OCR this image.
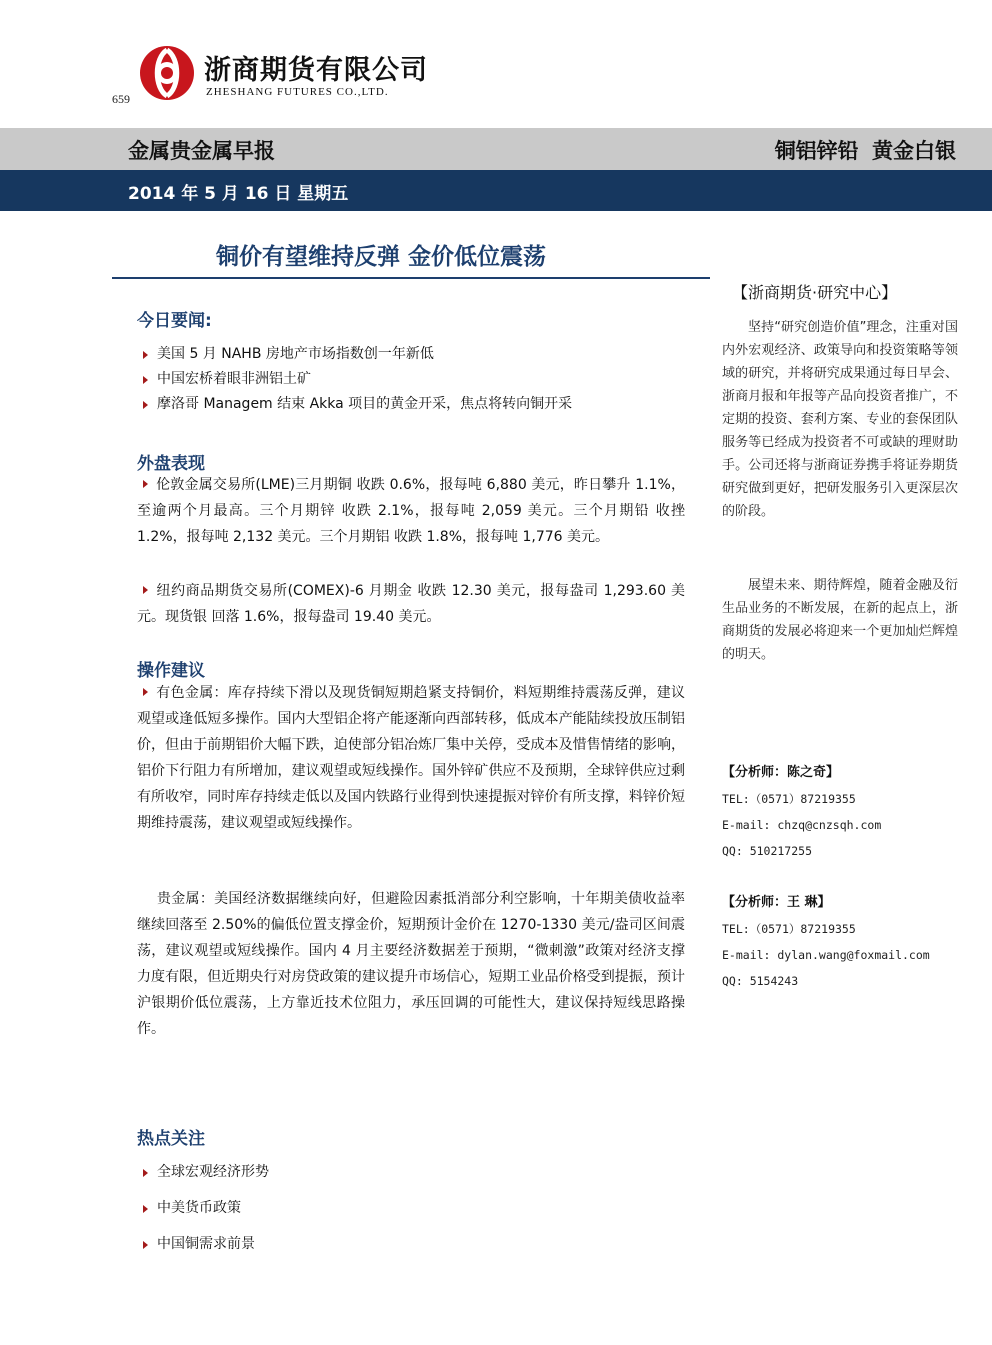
浙商期货有限公司
ZHESHANG FUTURES CO.,LTD.
659
金属贵金属早报	铜铝锌铅 黄金白银
2014 年 5 月 16 日 星期五
铜价有望维持反弹 金价低位震荡
今日要闻:
美国 5 月 NAHB 房地产市场指数创一年新低
中国宏桥着眼非洲铝土矿
摩洛哥 Managem 结束 Akka 项目的黄金开采，焦点将转向铜开采
外盘表现
伦敦金属交易所(LME)三月期铜 收跌 0.6%，报每吨 6,880 美元，昨日攀升 1.1%，至逾两个月最高。三个月期锌 收跌 2.1%，报每吨 2,059 美元。三个月期铅 收挫 1.2%，报每吨 2,132 美元。三个月期铝 收跌 1.8%，报每吨 1,776 美元。
纽约商品期货交易所(COMEX)-6 月期金 收跌 12.30 美元，报每盎司 1,293.60 美元。现货银 回落 1.6%，报每盎司 19.40 美元。
操作建议
有色金属：库存持续下滑以及现货铜短期趋紧支持铜价，料短期维持震荡反弹，建议观望或逢低短多操作。国内大型铝企将产能逐渐向西部转移，低成本产能陆续投放压制铝价，但由于前期铝价大幅下跌，迫使部分铝冶炼厂集中关停，受成本及惜售情绪的影响，铝价下行阻力有所增加，建议观望或短线操作。国外锌矿供应不及预期，全球锌供应过剩有所收窄，同时库存持续走低以及国内铁路行业得到快速提振对锌价有所支撑，料锌价短期维持震荡，建议观望或短线操作。
贵金属：美国经济数据继续向好，但避险因素抵消部分利空影响，十年期美债收益率继续回落至 2.50%的偏低位置支撑金价，短期预计金价在 1270-1330 美元/盎司区间震荡，建议观望或短线操作。国内 4 月主要经济数据差于预期，“微刺激”政策对经济支撑力度有限，但近期央行对房贷政策的建议提升市场信心，短期工业品价格受到提振，预计沪银期价低位震荡，上方靠近技术位阻力，承压回调的可能性大，建议保持短线思路操作。
热点关注
全球宏观经济形势
中美货币政策
中国铜需求前景
【浙商期货·研究中心】
坚持“研究创造价值”理念，注重对国内外宏观经济、政策导向和投资策略等领域的研究，并将研究成果通过每日早会、浙商月报和年报等产品向投资者推广，不定期的投资、套利方案、专业的套保团队服务等已经成为投资者不可或缺的理财助手。公司还将与浙商证券携手将证券期货研究做到更好，把研发服务引入更深层次的阶段。
展望未来、期待辉煌，随着金融及衍生品业务的不断发展，在新的起点上，浙商期货的发展必将迎来一个更加灿烂辉煌的明天。
【分析师：陈之奇】
TEL:（0571）87219355
E-mail: chzq@cnzsqh.com
QQ: 510217255
【分析师：王 琳】
TEL:（0571）87219355
E-mail: dylan.wang@foxmail.com
QQ: 5154243
